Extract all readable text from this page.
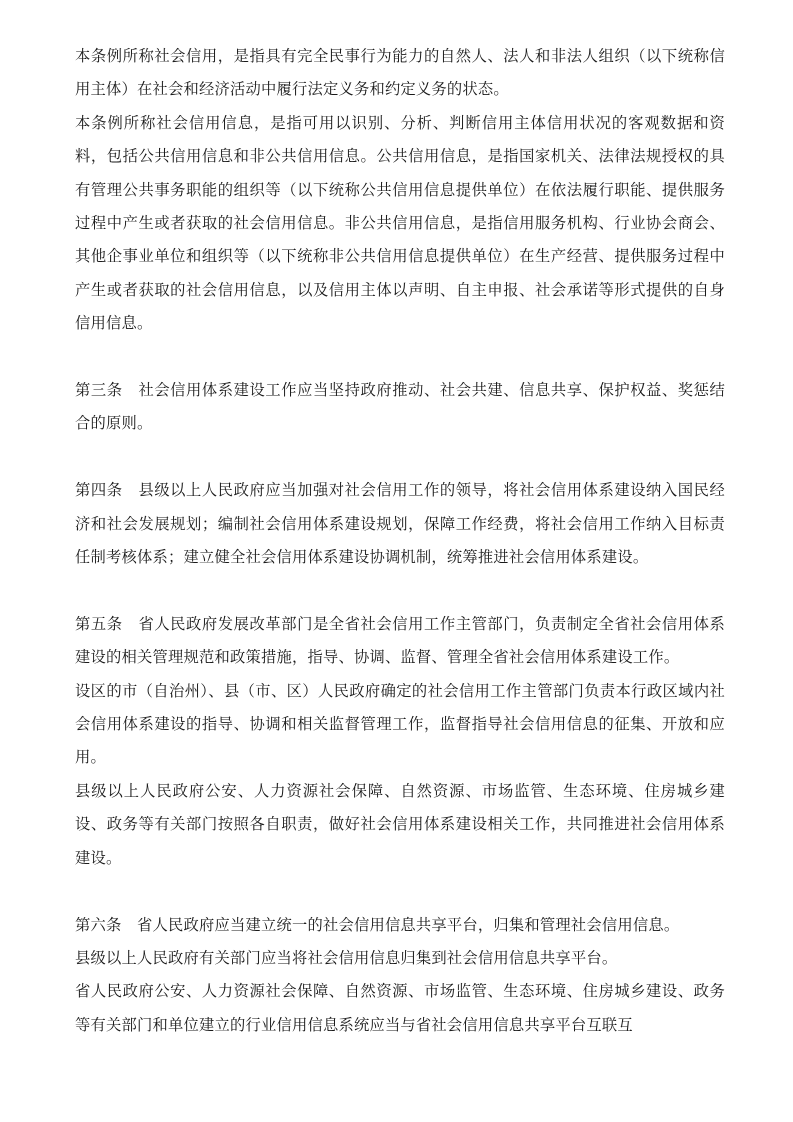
本条例所称社会信用，是指具有完全民事行为能力的自然人、法人和非法人组织（以下统称信用主体）在社会和经济活动中履行法定义务和约定义务的状态。

本条例所称社会信用信息，是指可用以识别、分析、判断信用主体信用状况的客观数据和资料，包括公共信用信息和非公共信用信息。公共信用信息，是指国家机关、法律法规授权的具有管理公共事务职能的组织等（以下统称公共信用信息提供单位）在依法履行职能、提供服务过程中产生或者获取的社会信用信息。非公共信用信息，是指信用服务机构、行业协会商会、其他企事业单位和组织等（以下统称非公共信用信息提供单位）在生产经营、提供服务过程中产生或者获取的社会信用信息，以及信用主体以声明、自主申报、社会承诺等形式提供的自身信用信息。

第三条　社会信用体系建设工作应当坚持政府推动、社会共建、信息共享、保护权益、奖惩结合的原则。

第四条　县级以上人民政府应当加强对社会信用工作的领导，将社会信用体系建设纳入国民经济和社会发展规划；编制社会信用体系建设规划，保障工作经费，将社会信用工作纳入目标责任制考核体系；建立健全社会信用体系建设协调机制，统筹推进社会信用体系建设。

第五条　省人民政府发展改革部门是全省社会信用工作主管部门，负责制定全省社会信用体系建设的相关管理规范和政策措施，指导、协调、监督、管理全省社会信用体系建设工作。

设区的市（自治州）、县（市、区）人民政府确定的社会信用工作主管部门负责本行政区域内社会信用体系建设的指导、协调和相关监督管理工作，监督指导社会信用信息的征集、开放和应用。

县级以上人民政府公安、人力资源社会保障、自然资源、市场监管、生态环境、住房城乡建设、政务等有关部门按照各自职责，做好社会信用体系建设相关工作，共同推进社会信用体系建设。

第六条　省人民政府应当建立统一的社会信用信息共享平台，归集和管理社会信用信息。

县级以上人民政府有关部门应当将社会信用信息归集到社会信用信息共享平台。

省人民政府公安、人力资源社会保障、自然资源、市场监管、生态环境、住房城乡建设、政务等有关部门和单位建立的行业信用信息系统应当与省社会信用信息共享平台互联互
